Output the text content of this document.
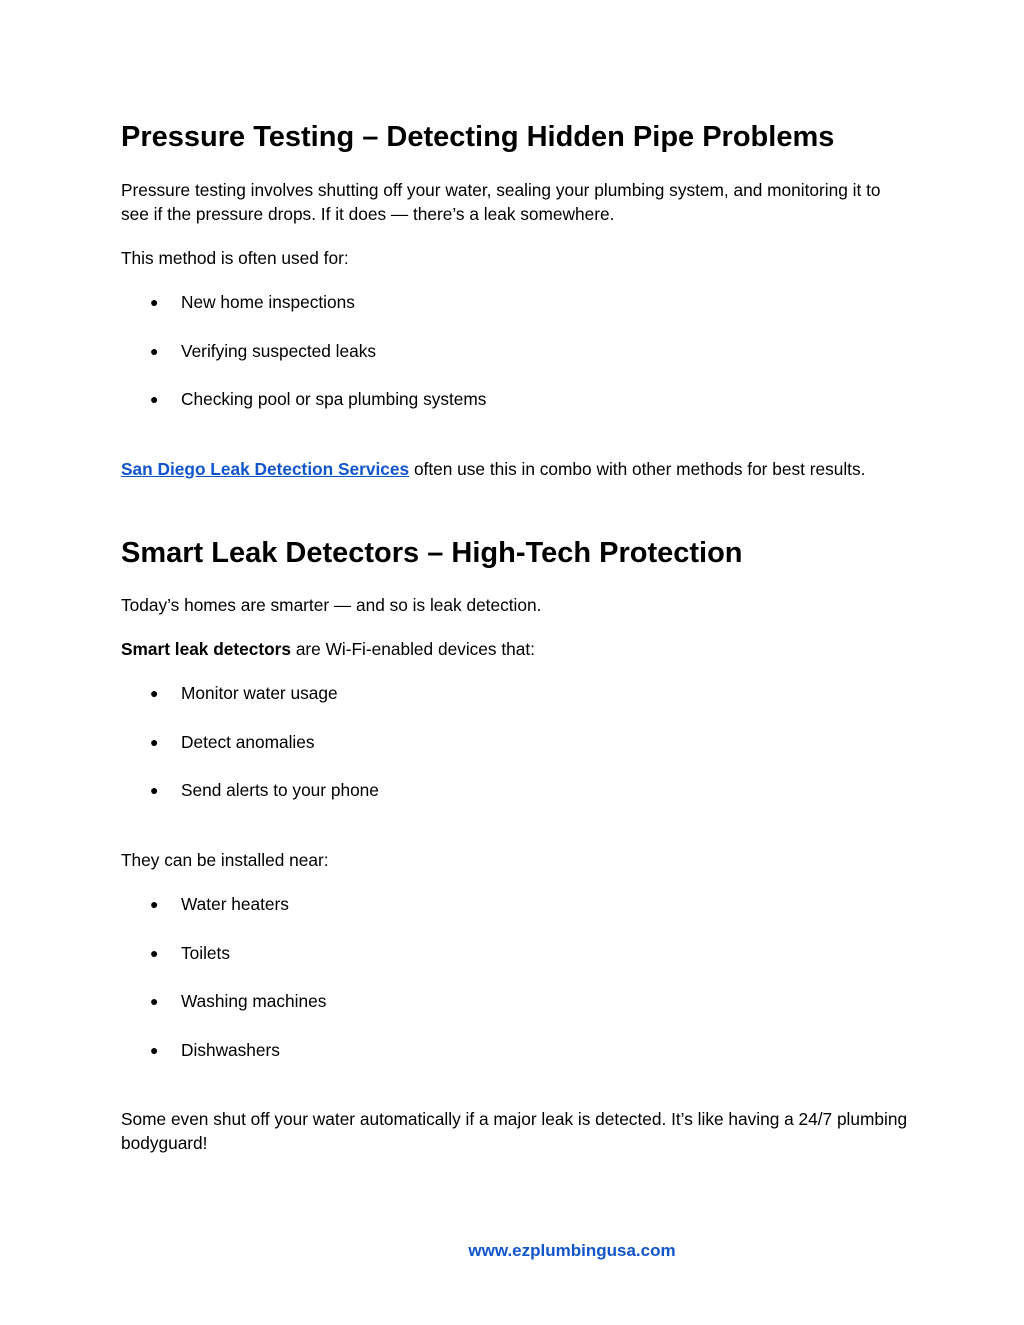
Pressure Testing – Detecting Hidden Pipe Problems

Pressure testing involves shutting off your water, sealing your plumbing system, and monitoring it to see if the pressure drops. If it does — there’s a leak somewhere.

This method is often used for:

● New home inspections
● Verifying suspected leaks
● Checking pool or spa plumbing systems

San Diego Leak Detection Services often use this in combo with other methods for best results.

Smart Leak Detectors – High-Tech Protection

Today’s homes are smarter — and so is leak detection.

Smart leak detectors are Wi-Fi-enabled devices that:

● Monitor water usage
● Detect anomalies
● Send alerts to your phone

They can be installed near:

● Water heaters
● Toilets
● Washing machines
● Dishwashers

Some even shut off your water automatically if a major leak is detected. It’s like having a 24/7 plumbing bodyguard!

www.ezplumbingusa.com
